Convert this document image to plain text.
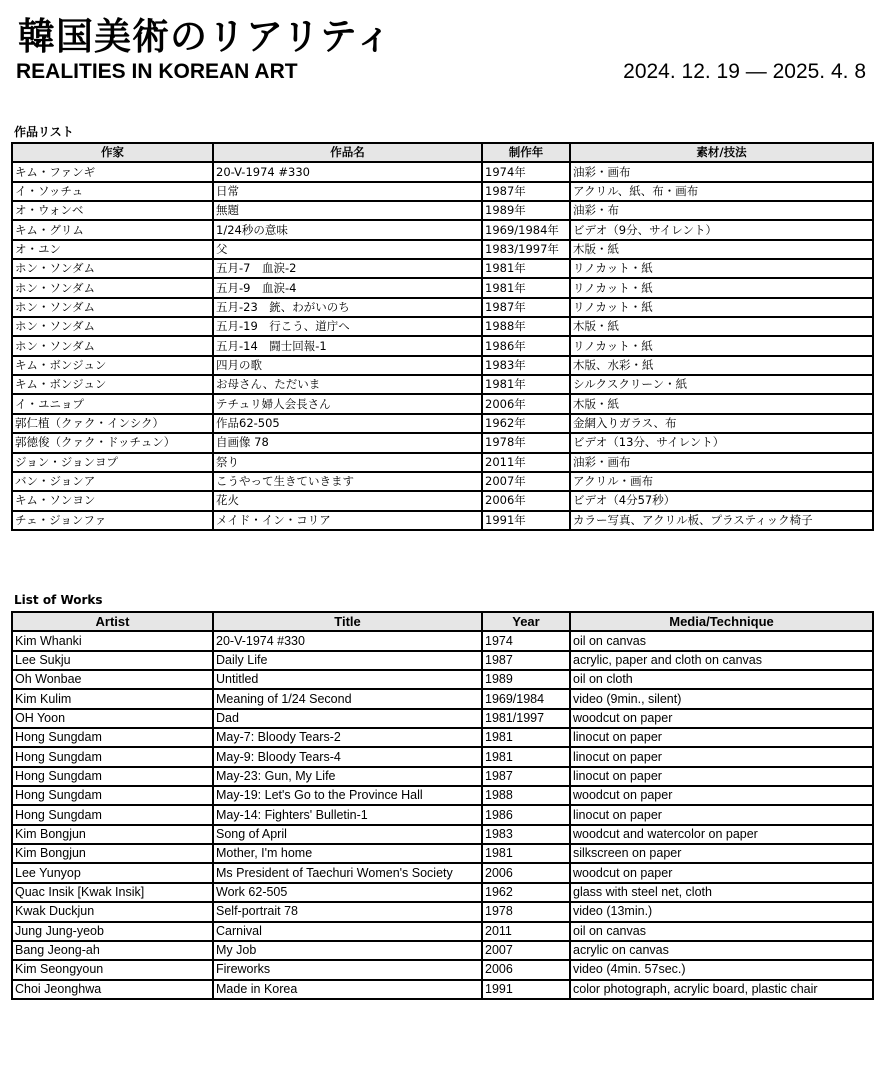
韓国美術のリアリティ
REALITIES IN KOREAN ART	2024. 12. 19 — 2025. 4. 8
作品リスト
作家	作品名	制作年	素材/技法
キム・ファンギ	20-V-1974 #330	1974年	油彩・画布
イ・ソッチュ	日常	1987年	アクリル、紙、布・画布
オ・ウォンベ	無題	1989年	油彩・布
キム・グリム	1/24秒の意味	1969/1984年	ビデオ（9分、サイレント）
オ・ユン	父	1983/1997年	木版・紙
ホン・ソンダム	五月-7　血涙-2	1981年	リノカット・紙
ホン・ソンダム	五月-9　血涙-4	1981年	リノカット・紙
ホン・ソンダム	五月-23　銃、わがいのち	1987年	リノカット・紙
ホン・ソンダム	五月-19　行こう、道庁へ	1988年	木版・紙
ホン・ソンダム	五月-14　闘士回報-1	1986年	リノカット・紙
キム・ボンジュン	四月の歌	1983年	木版、水彩・紙
キム・ボンジュン	お母さん、ただいま	1981年	シルクスクリーン・紙
イ・ユニョプ	テチュリ婦人会長さん	2006年	木版・紙
郭仁植（クァク・インシク）	作品62-505	1962年	金網入りガラス、布
郭徳俊（クァク・ドッチュン）	自画像 78	1978年	ビデオ（13分、サイレント）
ジョン・ジョンヨプ	祭り	2011年	油彩・画布
バン・ジョンア	こうやって生きていきます	2007年	アクリル・画布
キム・ソンヨン	花火	2006年	ビデオ（4分57秒）
チェ・ジョンファ	メイド・イン・コリア	1991年	カラー写真、アクリル板、プラスティック椅子
List of Works
Artist	Title	Year	Media/Technique
Kim Whanki	20-V-1974 #330	1974	oil on canvas
Lee Sukju	Daily Life	1987	acrylic, paper and cloth on canvas
Oh Wonbae	Untitled	1989	oil on cloth
Kim Kulim	Meaning of 1/24 Second	1969/1984	video (9min., silent)
OH Yoon	Dad	1981/1997	woodcut on paper
Hong Sungdam	May-7: Bloody Tears-2	1981	linocut on paper
Hong Sungdam	May-9: Bloody Tears-4	1981	linocut on paper
Hong Sungdam	May-23: Gun, My Life	1987	linocut on paper
Hong Sungdam	May-19: Let's Go to the Province Hall	1988	woodcut on paper
Hong Sungdam	May-14: Fighters' Bulletin-1	1986	linocut on paper
Kim Bongjun	Song of April	1983	woodcut and watercolor on paper
Kim Bongjun	Mother, I'm home	1981	silkscreen on paper
Lee Yunyop	Ms President of Taechuri Women's Society	2006	woodcut on paper
Quac Insik [Kwak Insik]	Work 62-505	1962	glass with steel net, cloth
Kwak Duckjun	Self-portrait 78	1978	video (13min.)
Jung Jung-yeob	Carnival	2011	oil on canvas
Bang Jeong-ah	My Job	2007	acrylic on canvas
Kim Seongyoun	Fireworks	2006	video (4min. 57sec.)
Choi Jeonghwa	Made in Korea	1991	color photograph, acrylic board, plastic chair
